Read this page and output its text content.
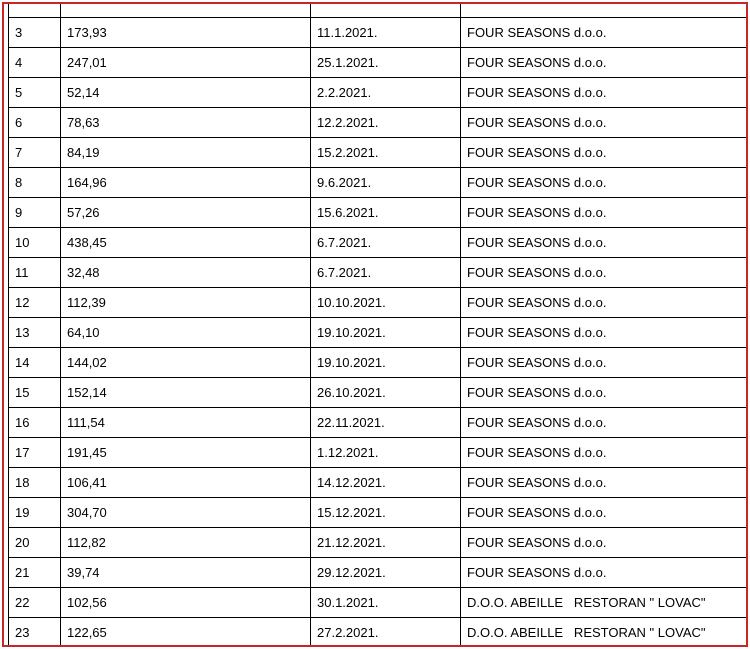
3	173,93	11.1.2021.	FOUR SEASONS d.o.o.
4	247,01	25.1.2021.	FOUR SEASONS d.o.o.
5	52,14	2.2.2021.	FOUR SEASONS d.o.o.
6	78,63	12.2.2021.	FOUR SEASONS d.o.o.
7	84,19	15.2.2021.	FOUR SEASONS d.o.o.
8	164,96	9.6.2021.	FOUR SEASONS d.o.o.
9	57,26	15.6.2021.	FOUR SEASONS d.o.o.
10	438,45	6.7.2021.	FOUR SEASONS d.o.o.
11	32,48	6.7.2021.	FOUR SEASONS d.o.o.
12	112,39	10.10.2021.	FOUR SEASONS d.o.o.
13	64,10	19.10.2021.	FOUR SEASONS d.o.o.
14	144,02	19.10.2021.	FOUR SEASONS d.o.o.
15	152,14	26.10.2021.	FOUR SEASONS d.o.o.
16	111,54	22.11.2021.	FOUR SEASONS d.o.o.
17	191,45	1.12.2021.	FOUR SEASONS d.o.o.
18	106,41	14.12.2021.	FOUR SEASONS d.o.o.
19	304,70	15.12.2021.	FOUR SEASONS d.o.o.
20	112,82	21.12.2021.	FOUR SEASONS d.o.o.
21	39,74	29.12.2021.	FOUR SEASONS d.o.o.
22	102,56	30.1.2021.	D.O.O. ABEILLE   RESTORAN " LOVAC"
23	122,65	27.2.2021.	D.O.O. ABEILLE   RESTORAN " LOVAC"
